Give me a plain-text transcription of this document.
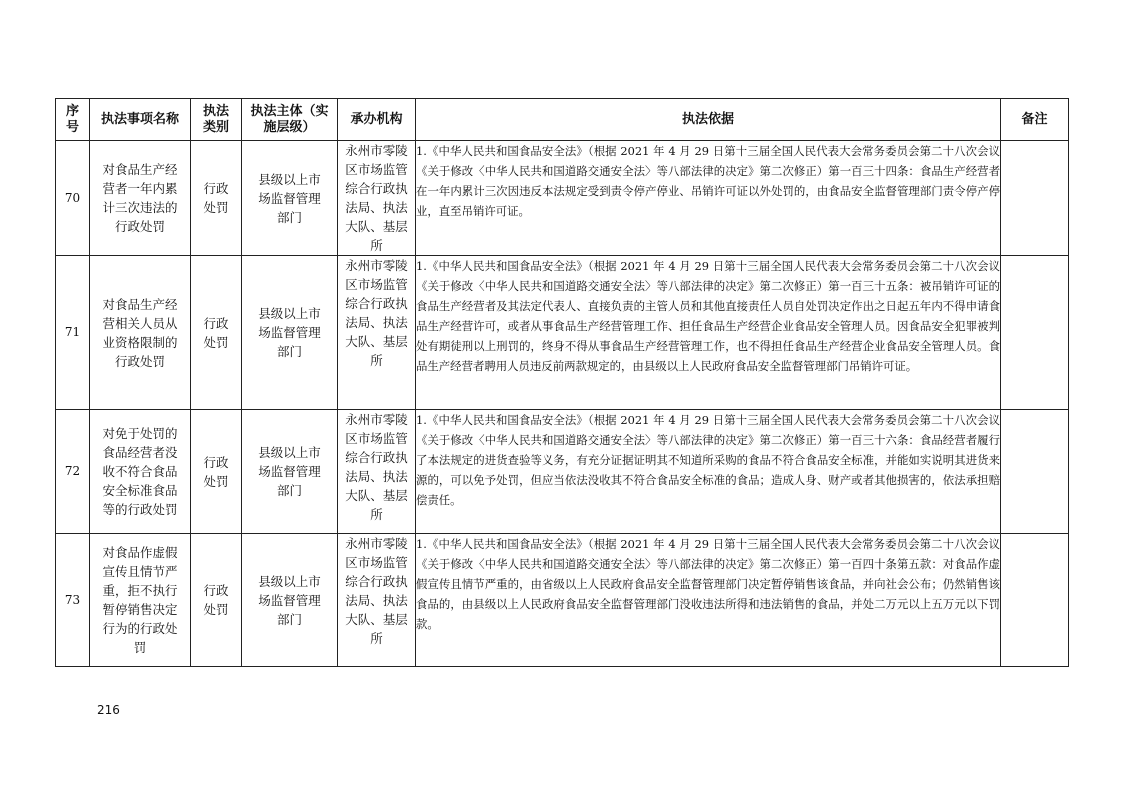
序号	执法事项名称	执法类别	执法主体（实施层级）	承办机构	执法依据	备注
70	对食品生产经营者一年内累计三次违法的行政处罚	行政处罚	县级以上市场监督管理部门	永州市零陵区市场监管综合行政执法局、执法大队、基层所	1.《中华人民共和国食品安全法》（根据 2021 年 4 月 29 日第十三届全国人民代表大会常务委员会第二十八次会议《关于修改〈中华人民共和国道路交通安全法〉等八部法律的决定》第二次修正）第一百三十四条：食品生产经营者在一年内累计三次因违反本法规定受到责令停产停业、吊销许可证以外处罚的，由食品安全监督管理部门责令停产停业，直至吊销许可证。	
71	对食品生产经营相关人员从业资格限制的行政处罚	行政处罚	县级以上市场监督管理部门	永州市零陵区市场监管综合行政执法局、执法大队、基层所	1.《中华人民共和国食品安全法》（根据 2021 年 4 月 29 日第十三届全国人民代表大会常务委员会第二十八次会议《关于修改〈中华人民共和国道路交通安全法〉等八部法律的决定》第二次修正）第一百三十五条：被吊销许可证的食品生产经营者及其法定代表人、直接负责的主管人员和其他直接责任人员自处罚决定作出之日起五年内不得申请食品生产经营许可，或者从事食品生产经营管理工作、担任食品生产经营企业食品安全管理人员。因食品安全犯罪被判处有期徒刑以上刑罚的，终身不得从事食品生产经营管理工作，也不得担任食品生产经营企业食品安全管理人员。食品生产经营者聘用人员违反前两款规定的，由县级以上人民政府食品安全监督管理部门吊销许可证。	
72	对免于处罚的食品经营者没收不符合食品安全标准食品等的行政处罚	行政处罚	县级以上市场监督管理部门	永州市零陵区市场监管综合行政执法局、执法大队、基层所	1.《中华人民共和国食品安全法》（根据 2021 年 4 月 29 日第十三届全国人民代表大会常务委员会第二十八次会议《关于修改〈中华人民共和国道路交通安全法〉等八部法律的决定》第二次修正）第一百三十六条：食品经营者履行了本法规定的进货查验等义务，有充分证据证明其不知道所采购的食品不符合食品安全标准，并能如实说明其进货来源的，可以免予处罚，但应当依法没收其不符合食品安全标准的食品；造成人身、财产或者其他损害的，依法承担赔偿责任。	
73	对食品作虚假宣传且情节严重，拒不执行暂停销售决定行为的行政处罚	行政处罚	县级以上市场监督管理部门	永州市零陵区市场监管综合行政执法局、执法大队、基层所	1.《中华人民共和国食品安全法》（根据 2021 年 4 月 29 日第十三届全国人民代表大会常务委员会第二十八次会议《关于修改〈中华人民共和国道路交通安全法〉等八部法律的决定》第二次修正）第一百四十条第五款：对食品作虚假宣传且情节严重的，由省级以上人民政府食品安全监督管理部门决定暂停销售该食品，并向社会公布；仍然销售该食品的，由县级以上人民政府食品安全监督管理部门没收违法所得和违法销售的食品，并处二万元以上五万元以下罚款。	
216
